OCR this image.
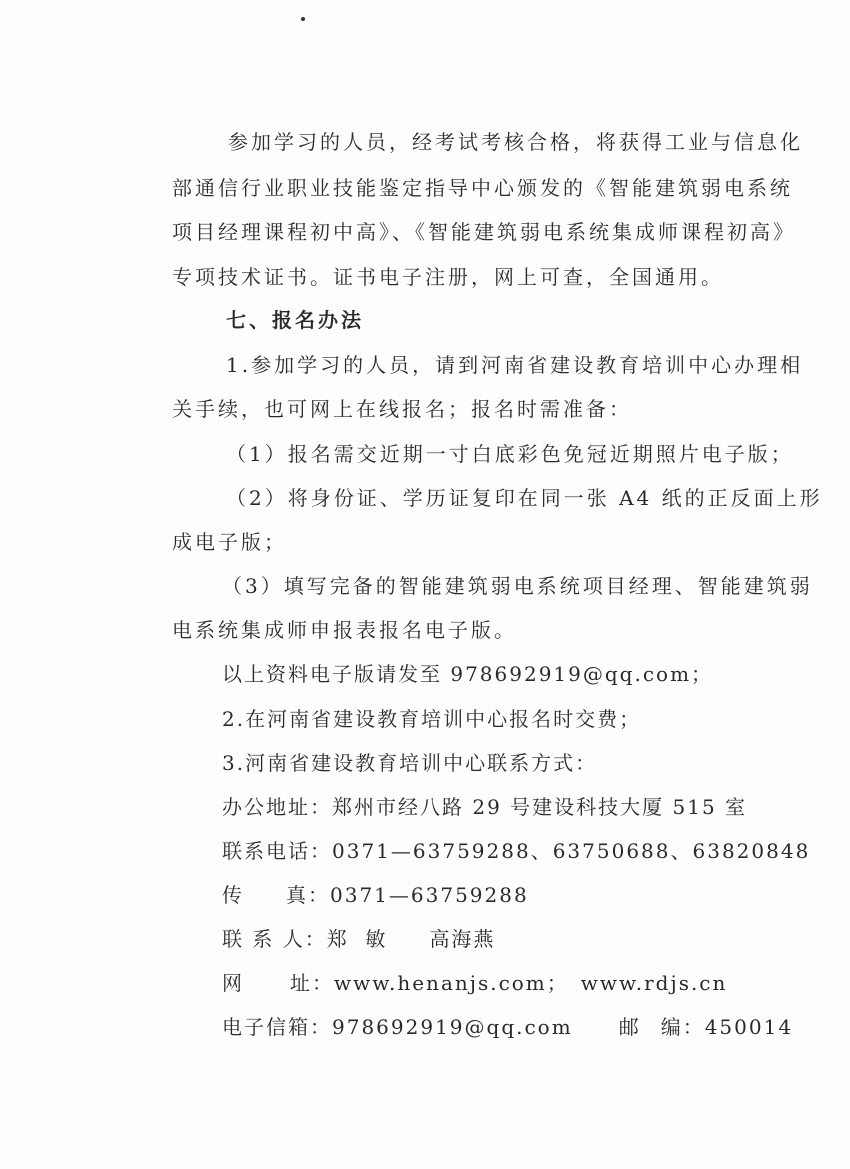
参加学习的人员，经考试考核合格，将获得工业与信息化
部通信行业职业技能鉴定指导中心颁发的《智能建筑弱电系统
项目经理课程初中高》、《智能建筑弱电系统集成师课程初高》
专项技术证书。证书电子注册，网上可查，全国通用。
七、报名办法
1.参加学习的人员，请到河南省建设教育培训中心办理相
关手续，也可网上在线报名；报名时需准备：
（1）报名需交近期一寸白底彩色免冠近期照片电子版；
（2）将身份证、学历证复印在同一张 A4 纸的正反面上形
成电子版；
（3）填写完备的智能建筑弱电系统项目经理、智能建筑弱
电系统集成师申报表报名电子版。
以上资料电子版请发至 978692919@qq.com；
2.在河南省建设教育培训中心报名时交费；
3.河南省建设教育培训中心联系方式：
办公地址：郑州市经八路 29 号建设科技大厦 515 室
联系电话：0371—63759288、63750688、63820848
传 真：0371—63759288
联 系 人：郑  敏 高海燕
网 址：www.henanjs.com； www.rdjs.cn
电子信箱：978692919@qq.com 邮 编：450014
